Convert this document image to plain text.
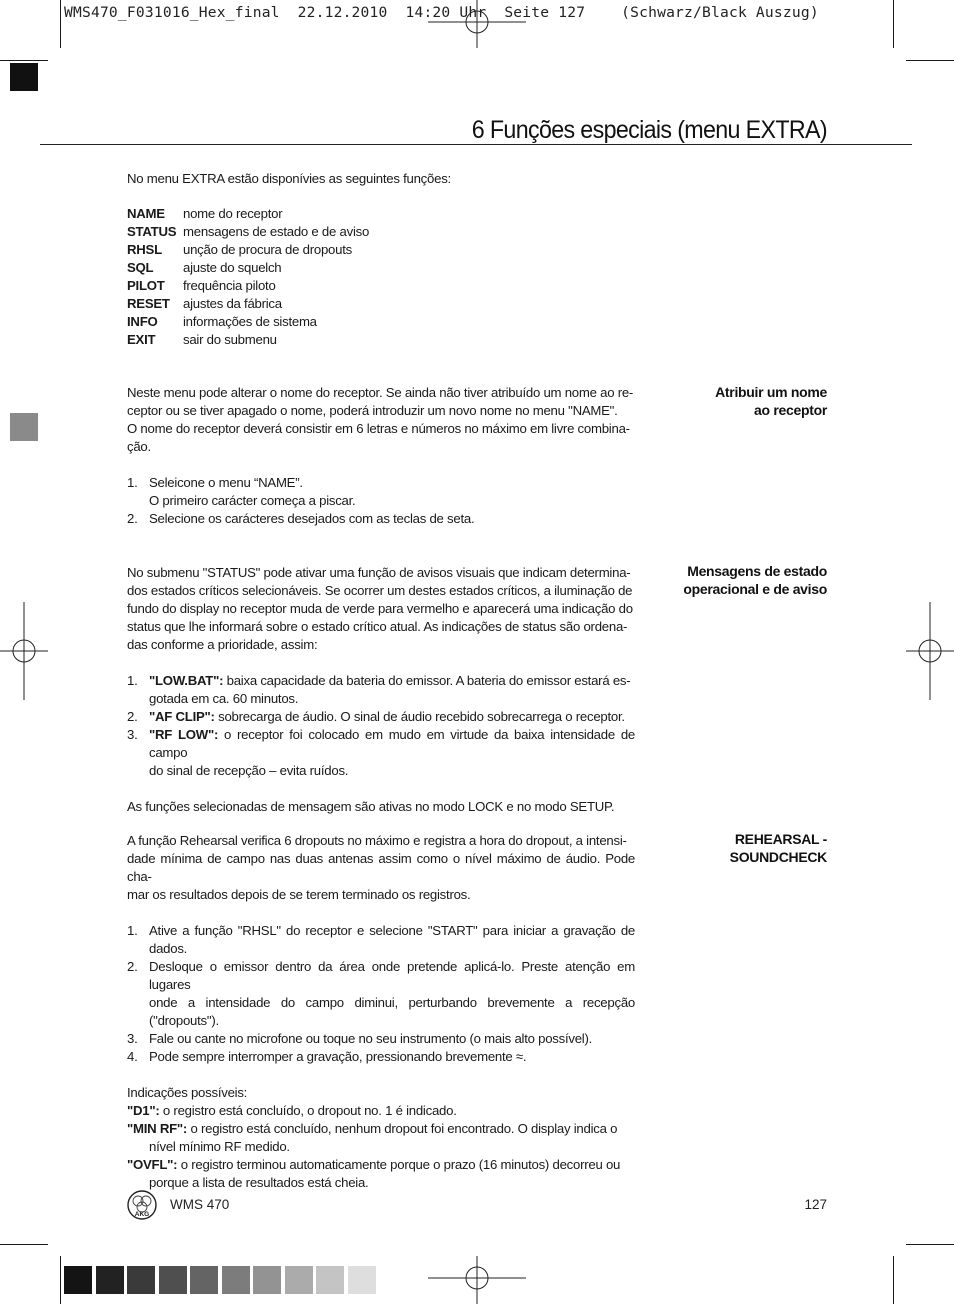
WMS470_F031016_Hex_final  22.12.2010  14:20 Uhr  Seite 127    (Schwarz/Black Auszug)
6 Funções especiais (menu EXTRA)
No menu EXTRA estão disponívies as seguintes funções:
NAME	nome do receptor
STATUS mensagens de estado e de aviso
RHSL	unção de procura de dropouts
SQL	ajuste do squelch
PILOT	frequência piloto
RESET	ajustes da fábrica
INFO	informações de sistema
EXIT	sair do submenu
Atribuir um nome
ao receptor
Neste menu pode alterar o nome do receptor. Se ainda não tiver atribuído um nome ao re-
ceptor ou se tiver apagado o nome, poderá introduzir um novo nome no menu "NAME".
O nome do receptor deverá consistir em 6 letras e números no máximo em livre combina-
ção.
1. Seleicone o menu “NAME”.
O primeiro carácter começa a piscar.
2. Selecione os carácteres desejados com as teclas de seta.
Mensagens de estado
operacional e de aviso
No submenu "STATUS" pode ativar uma função de avisos visuais que indicam determina-
dos estados críticos selecionáveis. Se ocorrer um destes estados críticos, a iluminação de
fundo do display no receptor muda de verde para vermelho e aparecerá uma indicação do
status que lhe informará sobre o estado crítico atual. As indicações de status são ordena-
das conforme a prioridade, assim:
1. "LOW.BAT": baixa capacidade da bateria do emissor. A bateria do emissor estará es-
gotada em ca. 60 minutos.
2. "AF CLIP": sobrecarga de áudio. O sinal de áudio recebido sobrecarrega o receptor.
3. "RF LOW": o receptor foi colocado em mudo em virtude da baixa intensidade de campo
do sinal de recepção – evita ruídos.
As funções selecionadas de mensagem são ativas no modo LOCK e no modo SETUP.
REHEARSAL -
SOUNDCHECK
A função Rehearsal verifica 6 dropouts no máximo e registra a hora do dropout, a intensi-
dade mínima de campo nas duas antenas assim como o nível máximo de áudio. Pode cha-
mar os resultados depois de se terem terminado os registros.
1. Ative a função "RHSL" do receptor e selecione "START" para iniciar a gravação de dados.
2. Desloque o emissor dentro da área onde pretende aplicá-lo. Preste atenção em lugares
onde a intensidade do campo diminui, perturbando brevemente a recepção ("dropouts").
3. Fale ou cante no microfone ou toque no seu instrumento (o mais alto possível).
4. Pode sempre interromper a gravação, pressionando brevemente ≈.
Indicações possíveis:
"D1": o registro está concluído, o dropout no. 1 é indicado.
"MIN RF": o registro está concluído, nenhum dropout foi encontrado. O display indica o
nível mínimo RF medido.
"OVFL": o registro terminou automaticamente porque o prazo (16 minutos) decorreu ou
porque a lista de resultados está cheia.
AKG
WMS 470	127
